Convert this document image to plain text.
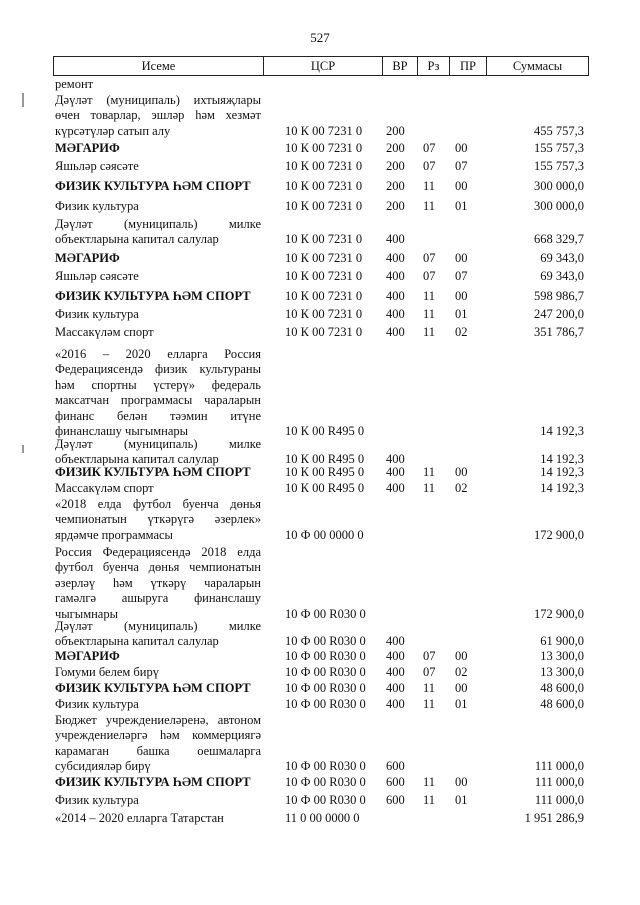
527
Исеме	ЦСР	ВР	Рз	ПР	Суммасы
ремонт
Дәүләт (муниципаль) ихтыяҗлары
өчен товарлар, эшләр һәм хезмәт
күрсәтүләр сатып алу	10 К 00 7231 0	200	455 757,3
МӘГАРИФ	10 К 00 7231 0	200	07	00	155 757,3
Яшьләр сәясәте	10 К 00 7231 0	200	07	07	155 757,3
ФИЗИК КУЛЬТУРА ҺӘМ СПОРТ	10 К 00 7231 0	200	11	00	300 000,0
Физик культура	10 К 00 7231 0	200	11	01	300 000,0
Дәүләт (муниципаль) милке
объектларына капитал салулар	10 К 00 7231 0	400	668 329,7
МӘГАРИФ	10 К 00 7231 0	400	07	00	69 343,0
Яшьләр сәясәте	10 К 00 7231 0	400	07	07	69 343,0
ФИЗИК КУЛЬТУРА ҺӘМ СПОРТ	10 К 00 7231 0	400	11	00	598 986,7
Физик культура	10 К 00 7231 0	400	11	01	247 200,0
Массакүләм спорт	10 К 00 7231 0	400	11	02	351 786,7
«2016 – 2020 елларга Россия
Федерациясендә физик культураны
һәм спортны үстерү» федераль
максатчан программасы чараларын
финанс белән тәэмин итүне
финанслашу чыгымнары	10 К 00 R495 0	14 192,3
Дәүләт (муниципаль) милке
объектларына капитал салулар	10 К 00 R495 0	400	14 192,3
ФИЗИК КУЛЬТУРА ҺӘМ СПОРТ	10 К 00 R495 0	400	11	00	14 192,3
Массакүләм спорт	10 К 00 R495 0	400	11	02	14 192,3
«2018 елда футбол буенча дөнья
чемпионатын үткәрүгә әзерлек»
ярдәмче программасы	10 Ф 00 0000 0	172 900,0
Россия Федерациясендә 2018 елда
футбол буенча дөнья чемпионатын
әзерләү һәм үткәрү чараларын
гамәлгә ашыруга финанслашу
чыгымнары	10 Ф 00 R030 0	172 900,0
Дәүләт (муниципаль) милке
объектларына капитал салулар	10 Ф 00 R030 0	400	61 900,0
МӘГАРИФ	10 Ф 00 R030 0	400	07	00	13 300,0
Гомуми белем бирү	10 Ф 00 R030 0	400	07	02	13 300,0
ФИЗИК КУЛЬТУРА ҺӘМ СПОРТ	10 Ф 00 R030 0	400	11	00	48 600,0
Физик культура	10 Ф 00 R030 0	400	11	01	48 600,0
Бюджет учреждениеләренә, автоном
учреждениеләргә һәм коммерциягә
карамаган башка оешмаларга
субсидияләр бирү	10 Ф 00 R030 0	600	111 000,0
ФИЗИК КУЛЬТУРА ҺӘМ СПОРТ	10 Ф 00 R030 0	600	11	00	111 000,0
Физик культура	10 Ф 00 R030 0	600	11	01	111 000,0
«2014 – 2020 елларга Татарстан	11 0 00 0000 0	1 951 286,9
